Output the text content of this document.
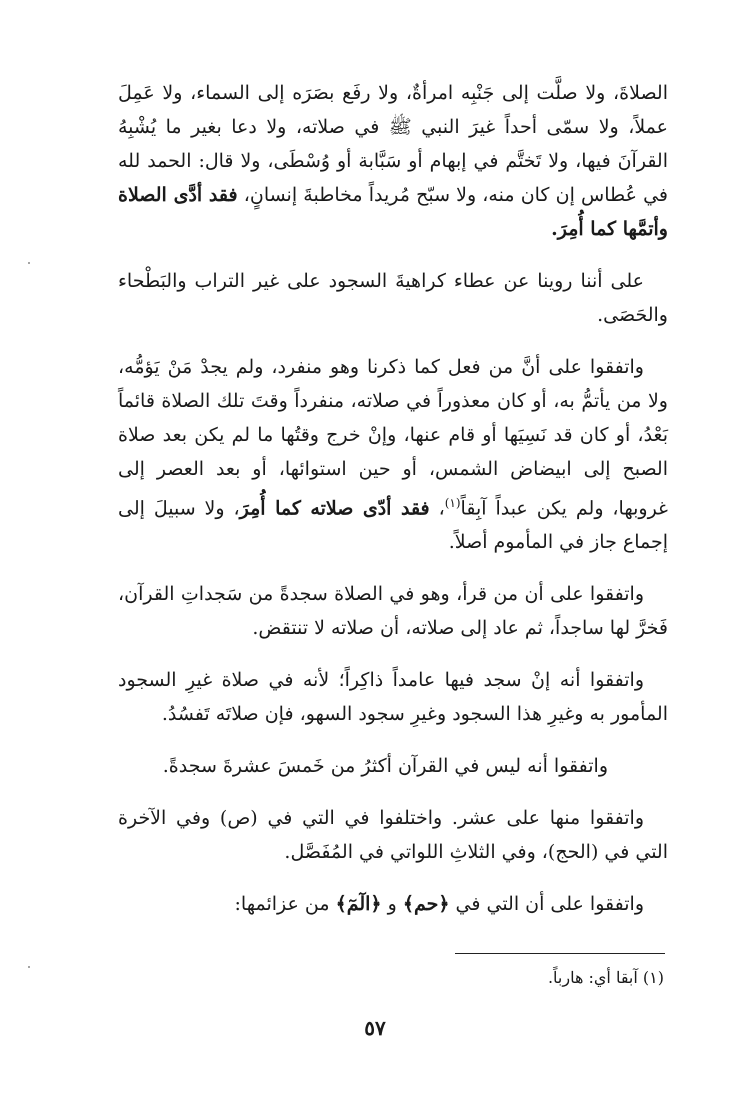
الصلاةَ، ولا صلَّت إلى جَنْبِه امرأةٌ، ولا رفَع بصَرَه إلى السماء، ولا عَمِلَ عملاً، ولا سمّى أحداً غيرَ النبي ﷺ في صلاته، ولا دعا بغير ما يُشْبِهُ القرآنَ فيها، ولا تَختَّم في إبهام أو سَبَّابة أو وُسْطَى، ولا قال: الحمد لله في عُطاس إن كان منه، ولا سبّح مُريداً مخاطبةَ إنسانٍ، فقد أدَّى الصلاة وأتمَّها كما أُمِرَ.

على أننا روينا عن عطاء كراهيةَ السجود على غير التراب والبَطْحاء والحَصَى.

واتفقوا على أنَّ من فعل كما ذكرنا وهو منفرد، ولم يجدْ مَنْ يَؤمُّه، ولا من يأتمُّ به، أو كان معذوراً في صلاته، منفرداً وقتَ تلك الصلاة قائماً بَعْدُ، أو كان قد نَسِيَها أو قام عنها، وإنْ خرج وقتُها ما لم يكن بعد صلاة الصبح إلى ابيضاض الشمس، أو حين استوائها، أو بعد العصر إلى غروبها، ولم يكن عبداً آبِقاً$^{(١)}$، فقد أدّى صلاته كما أُمِرَ، ولا سبيلَ إلى إجماع جاز في المأموم أصلاً.

واتفقوا على أن من قرأ، وهو في الصلاة سجدةً من سَجداتِ القرآن، فَخرَّ لها ساجداً، ثم عاد إلى صلاته، أن صلاته لا تنتقض.

واتفقوا أنه إنْ سجد فيها عامداً ذاكِراً؛ لأنه في صلاة غيرِ السجود المأمور به وغيرِ هذا السجود وغيرِ سجود السهو، فإن صلاتَه تَفسُدُ.

واتفقوا أنه ليس في القرآن أكثرُ من خَمسَ عشرةَ سجدةً.

واتفقوا منها على عشر. واختلفوا في التي في (ص) وفي الآخرة التي في (الحج)، وفي الثلاثِ اللواتي في المُفَصَّل.

واتفقوا على أن التي في ﴿حم﴾ و ﴿الٓمٓ﴾ من عزائمها:

(١) آبقا أي: هارباً.
٥٧
